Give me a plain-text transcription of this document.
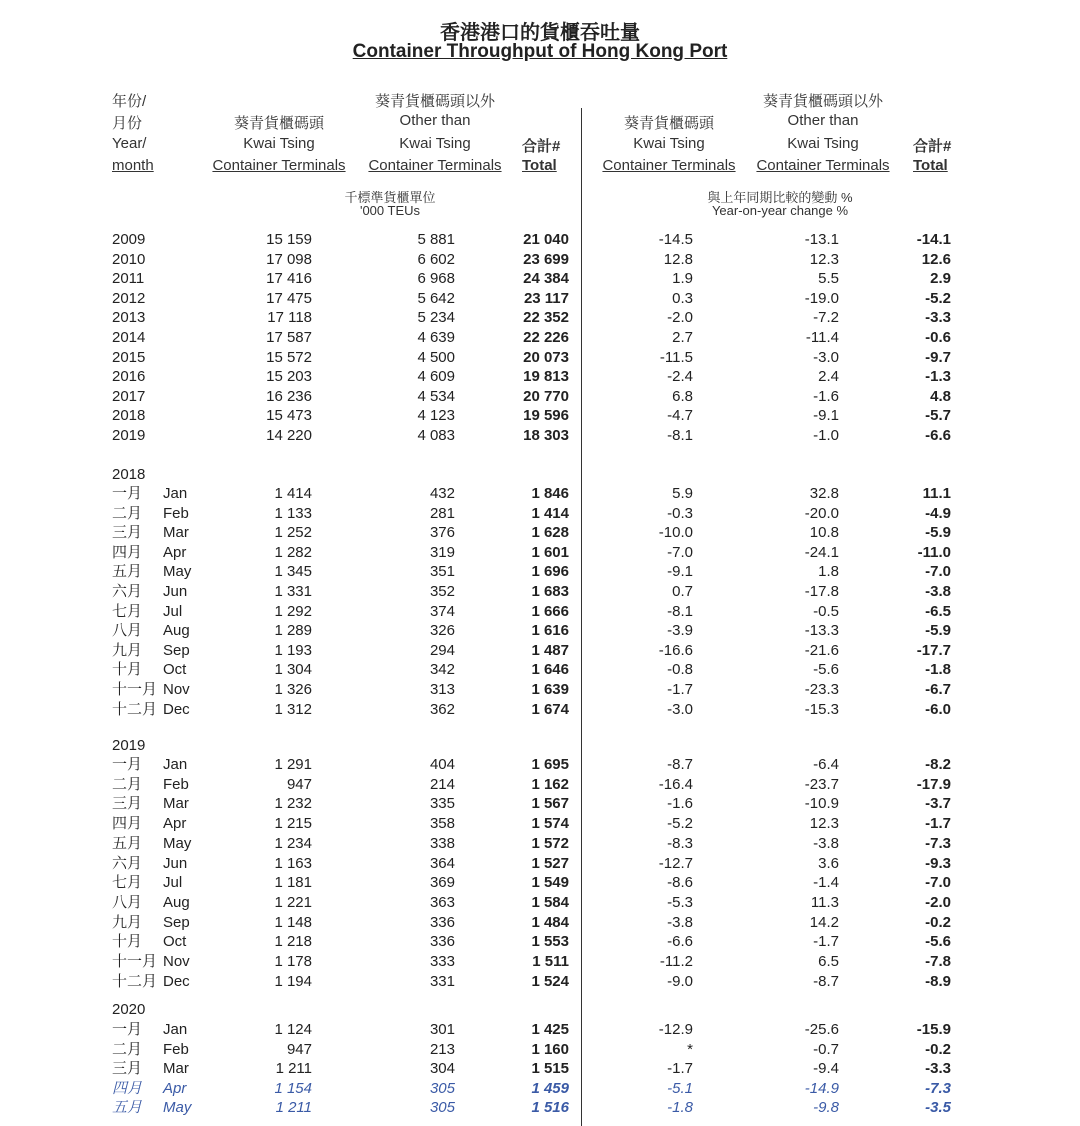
香港港口的貨櫃吞吐量
Container Throughput of Hong Kong Port
年份/
月份
Year/
month
葵青貨櫃碼頭
Kwai Tsing
Container Terminals
葵青貨櫃碼頭以外
Other than
Kwai Tsing
Container Terminals
合計#
Total
葵青貨櫃碼頭
Kwai Tsing
Container Terminals
葵青貨櫃碼頭以外
Other than
Kwai Tsing
Container Terminals
合計#
Total
千標準貨櫃單位
'000 TEUs
與上年同期比較的變動 %
Year-on-year change %
2009	15 159	5 881	21 040	-14.5	-13.1	-14.1
2010	17 098	6 602	23 699	12.8	12.3	12.6
2011	17 416	6 968	24 384	1.9	5.5	2.9
2012	17 475	5 642	23 117	0.3	-19.0	-5.2
2013	17 118	5 234	22 352	-2.0	-7.2	-3.3
2014	17 587	4 639	22 226	2.7	-11.4	-0.6
2015	15 572	4 500	20 073	-11.5	-3.0	-9.7
2016	15 203	4 609	19 813	-2.4	2.4	-1.3
2017	16 236	4 534	20 770	6.8	-1.6	4.8
2018	15 473	4 123	19 596	-4.7	-9.1	-5.7
2019	14 220	4 083	18 303	-8.1	-1.0	-6.6
2018
一月 Jan	1 414	432	1 846	5.9	32.8	11.1
二月 Feb	1 133	281	1 414	-0.3	-20.0	-4.9
三月 Mar	1 252	376	1 628	-10.0	10.8	-5.9
四月 Apr	1 282	319	1 601	-7.0	-24.1	-11.0
五月 May	1 345	351	1 696	-9.1	1.8	-7.0
六月 Jun	1 331	352	1 683	0.7	-17.8	-3.8
七月 Jul	1 292	374	1 666	-8.1	-0.5	-6.5
八月 Aug	1 289	326	1 616	-3.9	-13.3	-5.9
九月 Sep	1 193	294	1 487	-16.6	-21.6	-17.7
十月 Oct	1 304	342	1 646	-0.8	-5.6	-1.8
十一月 Nov	1 326	313	1 639	-1.7	-23.3	-6.7
十二月 Dec	1 312	362	1 674	-3.0	-15.3	-6.0
2019
一月 Jan	1 291	404	1 695	-8.7	-6.4	-8.2
二月 Feb	947	214	1 162	-16.4	-23.7	-17.9
三月 Mar	1 232	335	1 567	-1.6	-10.9	-3.7
四月 Apr	1 215	358	1 574	-5.2	12.3	-1.7
五月 May	1 234	338	1 572	-8.3	-3.8	-7.3
六月 Jun	1 163	364	1 527	-12.7	3.6	-9.3
七月 Jul	1 181	369	1 549	-8.6	-1.4	-7.0
八月 Aug	1 221	363	1 584	-5.3	11.3	-2.0
九月 Sep	1 148	336	1 484	-3.8	14.2	-0.2
十月 Oct	1 218	336	1 553	-6.6	-1.7	-5.6
十一月 Nov	1 178	333	1 511	-11.2	6.5	-7.8
十二月 Dec	1 194	331	1 524	-9.0	-8.7	-8.9
2020
一月 Jan	1 124	301	1 425	-12.9	-25.6	-15.9
二月 Feb	947	213	1 160	*	-0.7	-0.2
三月 Mar	1 211	304	1 515	-1.7	-9.4	-3.3
四月 Apr	1 154	305	1 459	-5.1	-14.9	-7.3
五月 May	1 211	305	1 516	-1.8	-9.8	-3.5
